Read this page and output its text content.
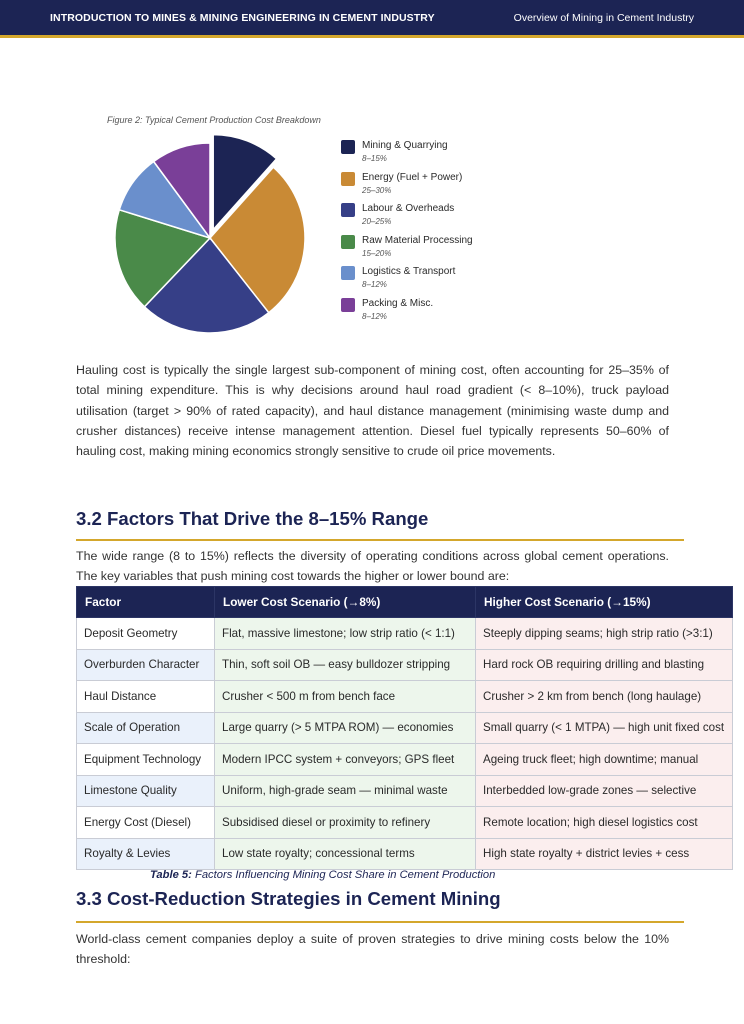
INTRODUCTION TO MINES & MINING ENGINEERING IN CEMENT INDUSTRY	Overview of Mining in Cement Industry
Figure 2: Typical Cement Production Cost Breakdown
Mining & Quarrying
8–15%
Energy (Fuel + Power)
25–30%
Labour & Overheads
20–25%
Raw Material Processing
15–20%
Logistics & Transport
8–12%
Packing & Misc.
8–12%
Hauling cost is typically the single largest sub-component of mining cost, often accounting for 25–35% of total mining expenditure. This is why decisions around haul road gradient (< 8–10%), truck payload utilisation (target > 90% of rated capacity), and haul distance management (minimising waste dump and crusher distances) receive intense management attention. Diesel fuel typically represents 50–60% of hauling cost, making mining economics strongly sensitive to crude oil price movements.
3.2 Factors That Drive the 8–15% Range
The wide range (8 to 15%) reflects the diversity of operating conditions across global cement operations. The key variables that push mining cost towards the higher or lower bound are:
Factor	Lower Cost Scenario (→8%)	Higher Cost Scenario (→15%)
Deposit Geometry	Flat, massive limestone; low strip ratio (< 1:1)	Steeply dipping seams; high strip ratio (>3:1)
Overburden Character	Thin, soft soil OB — easy bulldozer stripping	Hard rock OB requiring drilling and blasting
Haul Distance	Crusher < 500 m from bench face	Crusher > 2 km from bench (long haulage)
Scale of Operation	Large quarry (> 5 MTPA ROM) — economies	Small quarry (< 1 MTPA) — high unit fixed cost
Equipment Technology	Modern IPCC system + conveyors; GPS fleet	Ageing truck fleet; high downtime; manual
Limestone Quality	Uniform, high-grade seam — minimal waste	Interbedded low-grade zones — selective
Energy Cost (Diesel)	Subsidised diesel or proximity to refinery	Remote location; high diesel logistics cost
Royalty & Levies	Low state royalty; concessional terms	High state royalty + district levies + cess
Table 5: Factors Influencing Mining Cost Share in Cement Production
3.3 Cost-Reduction Strategies in Cement Mining
World-class cement companies deploy a suite of proven strategies to drive mining costs below the 10% threshold:
